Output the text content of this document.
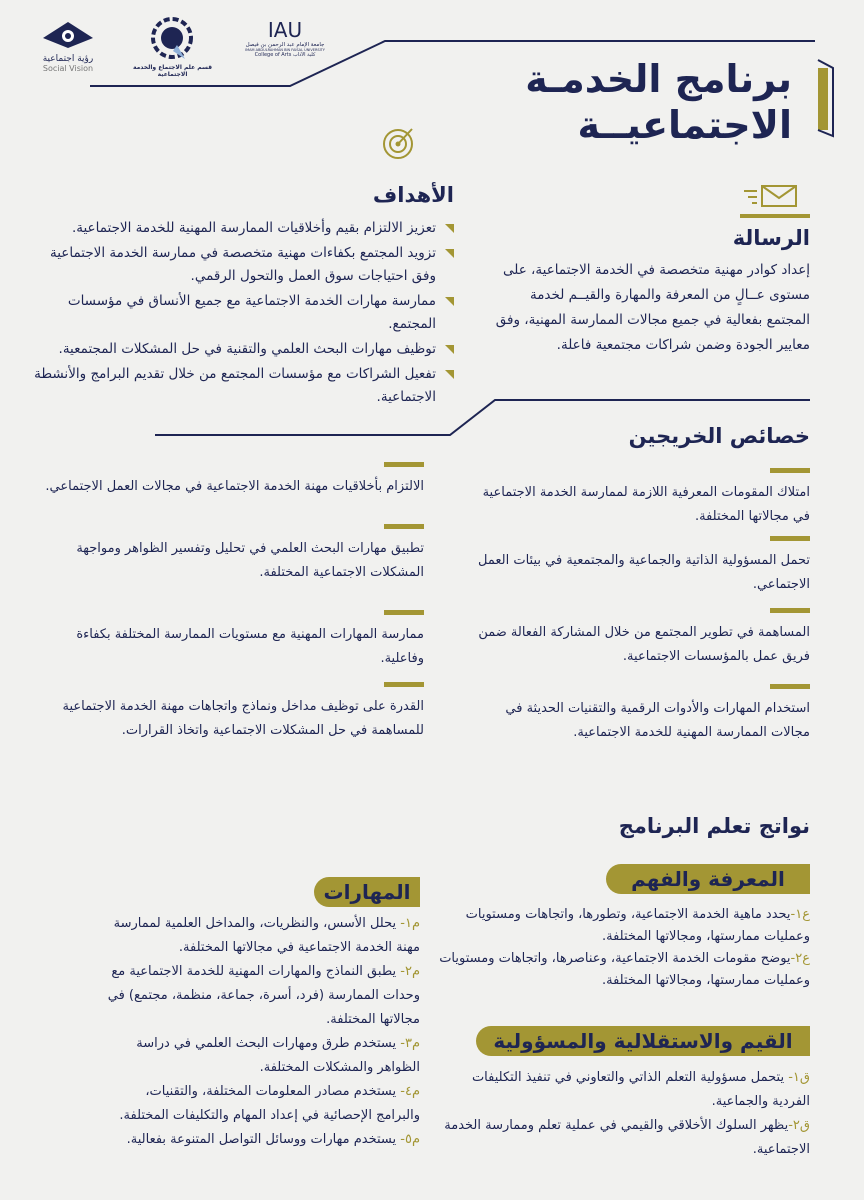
رؤية اجتماعية
Social Vision	قسم علم الاجتماع والخدمة الاجتماعية
IAU
جامعة الإمام عبد الرحمن بن فيصل
IMAM ABDULRAHMAN BIN FAISAL UNIVERSITY
College of Arts كلية الآداب
برنامج الخدمـة
الاجتماعيــة
الأهداف
تعزيز الالتزام بقيم وأخلاقيات الممارسة المهنية للخدمة الاجتماعية.
تزويد المجتمع بكفاءات مهنية متخصصة في ممارسة الخدمة الاجتماعية وفق احتياجات سوق العمل والتحول الرقمي.
ممارسة مهارات الخدمة الاجتماعية مع جميع الأنساق في مؤسسات المجتمع.
توظيف مهارات البحث العلمي والتقنية في حل المشكلات المجتمعية.
تفعيل الشراكات مع مؤسسات المجتمع من خلال تقديم البرامج والأنشطة الاجتماعية.
الرسالة

إعداد كوادر مهنية متخصصة في الخدمة الاجتماعية، على مستوى عــالٍ من المعرفة والمهارة والقيــم لخدمة المجتمع بفعالية في جميع مجالات الممارسة المهنية، وفق معايير الجودة وضمن شراكات مجتمعية فاعلة.

خصائص الخريجين
امتلاك المقومات المعرفية اللازمة لممارسة الخدمة الاجتماعية في مجالاتها المختلفة.
تحمل المسؤولية الذاتية والجماعية والمجتمعية في بيئات العمل الاجتماعي.
المساهمة في تطوير المجتمع من خلال المشاركة الفعالة ضمن فريق عمل بالمؤسسات الاجتماعية.
استخدام المهارات والأدوات الرقمية والتقنيات الحديثة في مجالات الممارسة المهنية للخدمة الاجتماعية.
الالتزام بأخلاقيات مهنة الخدمة الاجتماعية في مجالات العمل الاجتماعي.
تطبيق مهارات البحث العلمي في تحليل وتفسير الظواهر ومواجهة المشكلات الاجتماعية المختلفة.
ممارسة المهارات المهنية مع مستويات الممارسة المختلفة بكفاءة وفاعلية.
القدرة على توظيف مداخل ونماذج واتجاهات مهنة الخدمة الاجتماعية للمساهمة في حل المشكلات الاجتماعية واتخاذ القرارات.
نواتج تعلم البرنامج
المعرفة والفهم
ع١-يحدد ماهية الخدمة الاجتماعية، وتطورها، واتجاهات ومستويات وعمليات ممارستها، ومجالاتها المختلفة.
ع٢-يوضح مقومات الخدمة الاجتماعية، وعناصرها، واتجاهات ومستويات وعمليات ممارستها، ومجالاتها المختلفة.
المهارات
م١- يحلل الأسس، والنظريات، والمداخل العلمية لممارسة مهنة الخدمة الاجتماعية في مجالاتها المختلفة.
م٢- يطبق النماذج والمهارات المهنية للخدمة الاجتماعية مع وحدات الممارسة (فرد، أسرة، جماعة، منظمة، مجتمع) في مجالاتها المختلفة.
م٣- يستخدم طرق ومهارات البحث العلمي في دراسة الظواهر والمشكلات المختلفة.
م٤- يستخدم مصادر المعلومات المختلفة، والتقنيات، والبرامج الإحصائية في إعداد المهام والتكليفات المختلفة.
م٥- يستخدم مهارات ووسائل التواصل المتنوعة بفعالية.
القيم والاستقلالية والمسؤولية
ق١- يتحمل مسؤولية التعلم الذاتي والتعاوني في تنفيذ التكليفات الفردية والجماعية.
ق٢-يظهر السلوك الأخلاقي والقيمي في عملية تعلم وممارسة الخدمة الاجتماعية.
